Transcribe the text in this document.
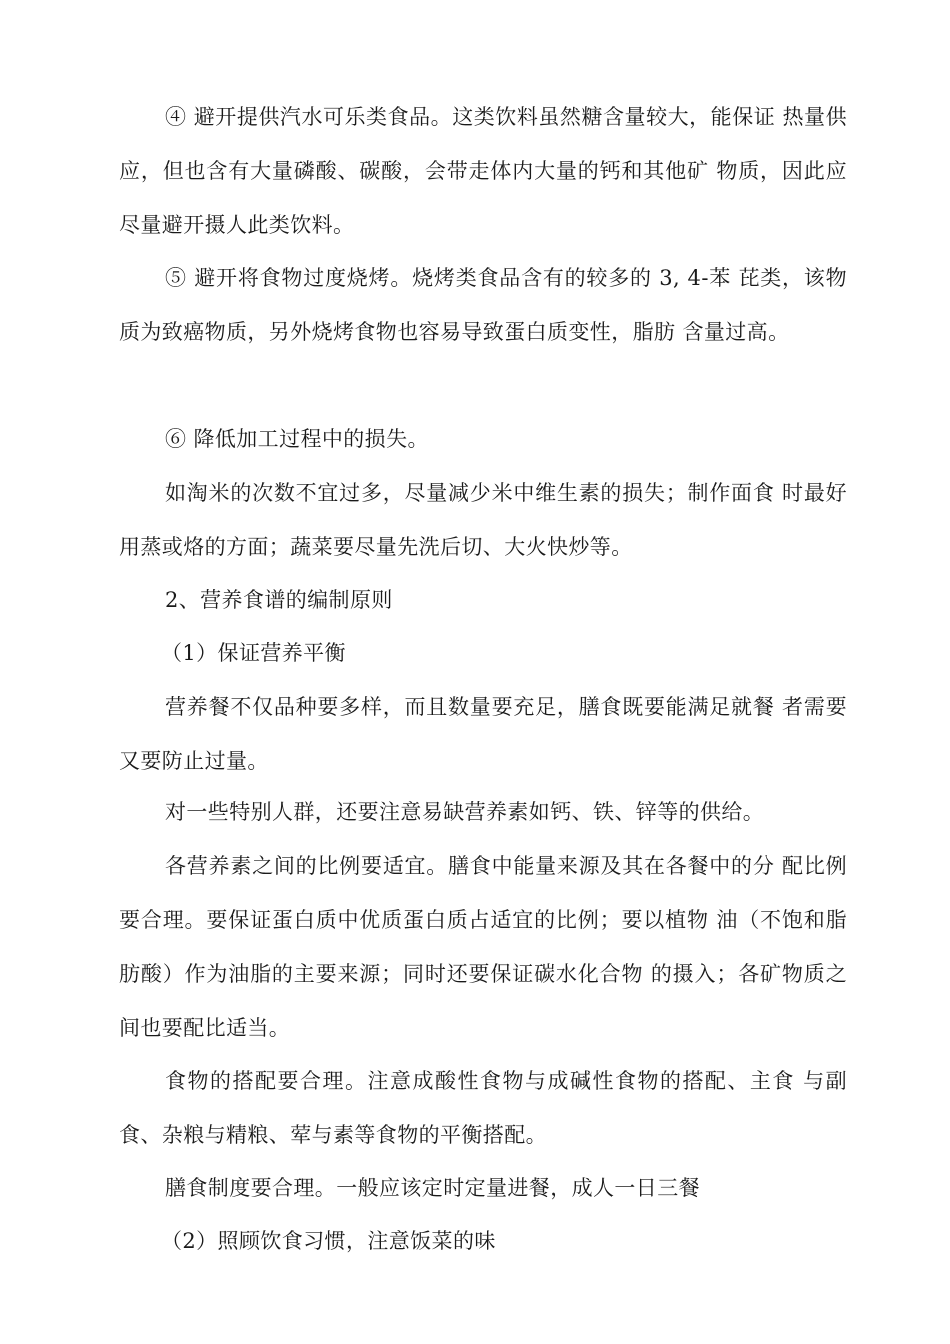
④ 避开提供汽水可乐类食品。这类饮料虽然糖含量较大，能保证 热量供应，但也含有大量磷酸、碳酸，会带走体内大量的钙和其他矿 物质，因此应尽量避开摄人此类饮料。

⑤ 避开将食物过度烧烤。烧烤类食品含有的较多的 3, 4-苯 芘类，该物质为致癌物质，另外烧烤食物也容易导致蛋白质变性，脂肪 含量过高。

⑥ 降低加工过程中的损失。

如淘米的次数不宜过多，尽量减少米中维生素的损失；制作面食 时最好用蒸或烙的方面；蔬菜要尽量先洗后切、大火快炒等。

2、营养食谱的编制原则

（1）保证营养平衡

营养餐不仅品种要多样，而且数量要充足，膳食既要能满足就餐 者需要又要防止过量。

对一些特别人群，还要注意易缺营养素如钙、铁、锌等的供给。

各营养素之间的比例要适宜。膳食中能量来源及其在各餐中的分 配比例要合理。要保证蛋白质中优质蛋白质占适宜的比例；要以植物 油（不饱和脂肪酸）作为油脂的主要来源；同时还要保证碳水化合物 的摄入；各矿物质之间也要配比适当。

食物的搭配要合理。注意成酸性食物与成碱性食物的搭配、主食 与副食、杂粮与精粮、荤与素等食物的平衡搭配。

膳食制度要合理。一般应该定时定量进餐，成人一日三餐

（2）照顾饮食习惯，注意饭菜的味
